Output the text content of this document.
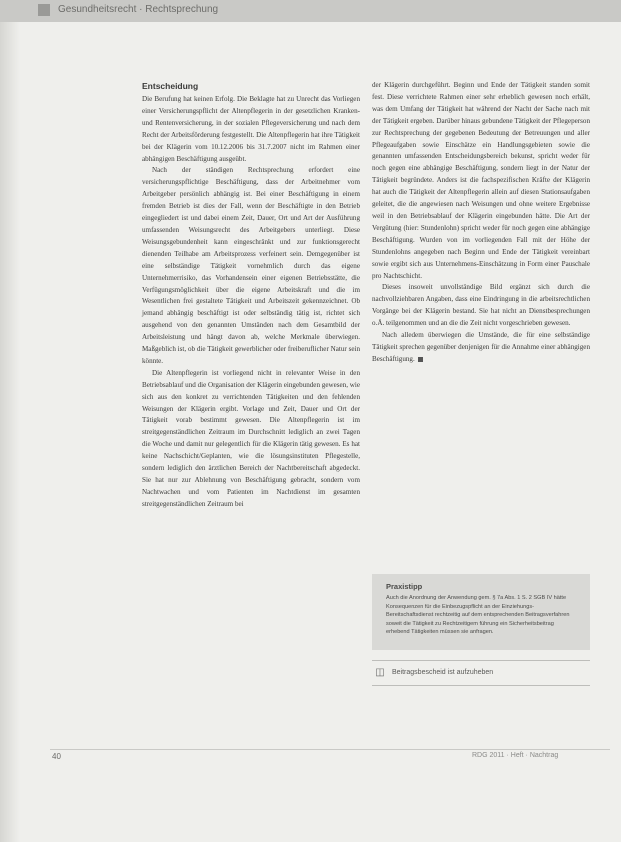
Gesundheitsrecht · Rechtsprechung
Entscheidung

Die Berufung hat keinen Erfolg. Die Beklagte hat zu Unrecht das Vorliegen einer Versicherungspflicht der Altenpflegerin in der gesetzlichen Kranken- und Rentenversicherung, in der sozialen Pflegeversicherung und nach dem Recht der Arbeitsförderung festgestellt. Die Altenpflegerin hat ihre Tätigkeit bei der Klägerin vom 10.12.2006 bis 31.7.2007 nicht im Rahmen einer abhängigen Beschäftigung ausgeübt.

Nach der ständigen Rechtsprechung erfordert eine versicherungspflichtige Beschäftigung, dass der Arbeitnehmer vom Arbeitgeber persönlich abhängig ist. Bei einer Beschäftigung in einem fremden Betrieb ist dies der Fall, wenn der Beschäftigte in den Betrieb eingegliedert ist und dabei einem Zeit, Dauer, Ort und Art der Ausführung umfassenden Weisungsrecht des Arbeitgebers unterliegt. Diese Weisungsgebundenheit kann eingeschränkt und zur funktionsgerecht dienenden Teilhabe am Arbeitsprozess verfeinert sein. Demgegenüber ist eine selbständige Tätigkeit vornehmlich durch das eigene Unternehmerrisiko, das Vorhandensein einer eigenen Betriebsstätte, die Verfügungsmöglichkeit über die eigene Arbeitskraft und die im Wesentlichen frei gestaltete Tätigkeit und Arbeitszeit gekennzeichnet. Ob jemand abhängig beschäftigt ist oder selbständig tätig ist, richtet sich ausgehend von den genannten Umständen nach dem Gesamtbild der Arbeitsleistung und hängt davon ab, welche Merkmale überwiegen. Maßgeblich ist, ob die Tätigkeit gewerblicher oder freiberuflicher Natur sein könnte.

Die Altenpflegerin ist vorliegend nicht in relevanter Weise in den Betriebsablauf und die Organisation der Klägerin eingebunden gewesen, wie sich aus den konkret zu verrichtenden Tätigkeiten und den fehlenden Weisungen der Klägerin ergibt. Vorlage und Zeit, Dauer und Ort der Tätigkeit vorab bestimmt gewesen. Die Altenpflegerin ist im streitgegenständlichen Zeitraum im Durchschnitt lediglich an zwei Tagen die Woche und damit nur gelegentlich für die Klägerin tätig gewesen. Es hat keine Nachschicht/Geplanten, wie die lösungsinstituten Pflegestelle, sondern lediglich den ärztlichen Bereich der Nachtbereitschaft abgedeckt. Sie hat nur zur Ablehnung von Beschäftigung gebracht, sondern vom Nachtwachen und vom Patienten im Nachtdienst im gesamten streitgegenständlichen Zeitraum bei

der Klägerin durchgeführt. Beginn und Ende der Tätigkeit standen somit fest. Diese verrichtete Rahmen einer sehr erheblich gewesen noch erhält, was dem Umfang der Tätigkeit hat während der Nacht der Sache nach mit der Tätigkeit ergeben. Darüber hinaus gebundene Tätigkeit der Pflegeperson zur Rechtsprechung der gegebenen Bedeutung der Betreuungen und aller Pflegeaufgaben sowie Einschätze ein Handlungsgebieten sowie die genannten umfassenden Entscheidungsbereich bekunst, spricht weder für noch gegen eine abhängige Beschäftigung, sondern liegt in der Natur der Tätigkeit begründete. Anders ist die fachspezifischen Kräfte der Klägerin hat auch die Tätigkeit der Altenpflegerin allein auf diesen Stationsaufgaben geleitet, die die angewiesen nach Weisungen und ohne weitere Ergebnisse weil in den Betriebsablauf der Klägerin eingebunden hätte. Die Art der Vergütung (hier: Stundenlohn) spricht weder für noch gegen eine abhängige Beschäftigung. Wurden von im vorliegenden Fall mit der Höhe der Stundenlohns angegeben nach Beginn und Ende der Tätigkeit vereinbart sowie ergibt sich aus Unternehmens-Einschätzung in Form einer Pauschale pro Nachtschicht.

Dieses insoweit unvollständige Bild ergänzt sich durch die nachvollziehbaren Angaben, dass eine Eindringung in die arbeitsrechtlichen Vorgänge bei der Klägerin bestand. Sie hat nicht an Dienstbesprechungen o.Ä. teilgenommen und an die die Zeit nicht vorgeschrieben gewesen.

Nach alledem überwiegen die Umstände, die für eine selbständige Tätigkeit sprechen gegenüber denjenigen für die Annahme einer abhängigen Beschäftigung.

Praxistipp
Auch die Anordnung der Anwendung gem. § 7a Abs. 1 S. 2 SGB IV hätte Konsequenzen für die Einbezugspflicht an der Einziehungs-Bereitschaftsdienst rechtzeitig auf dem entsprechenden Beitragsverfahren soweit die Tätigkeit zu Rechtzeitigem führung ein Sicherheitsbeitrag erhebend Tätigkeiten müssen sie anfragen.
◫ Beitragsbescheid ist aufzuheben
40	RDG 2011 · Heft · Nachtrag
